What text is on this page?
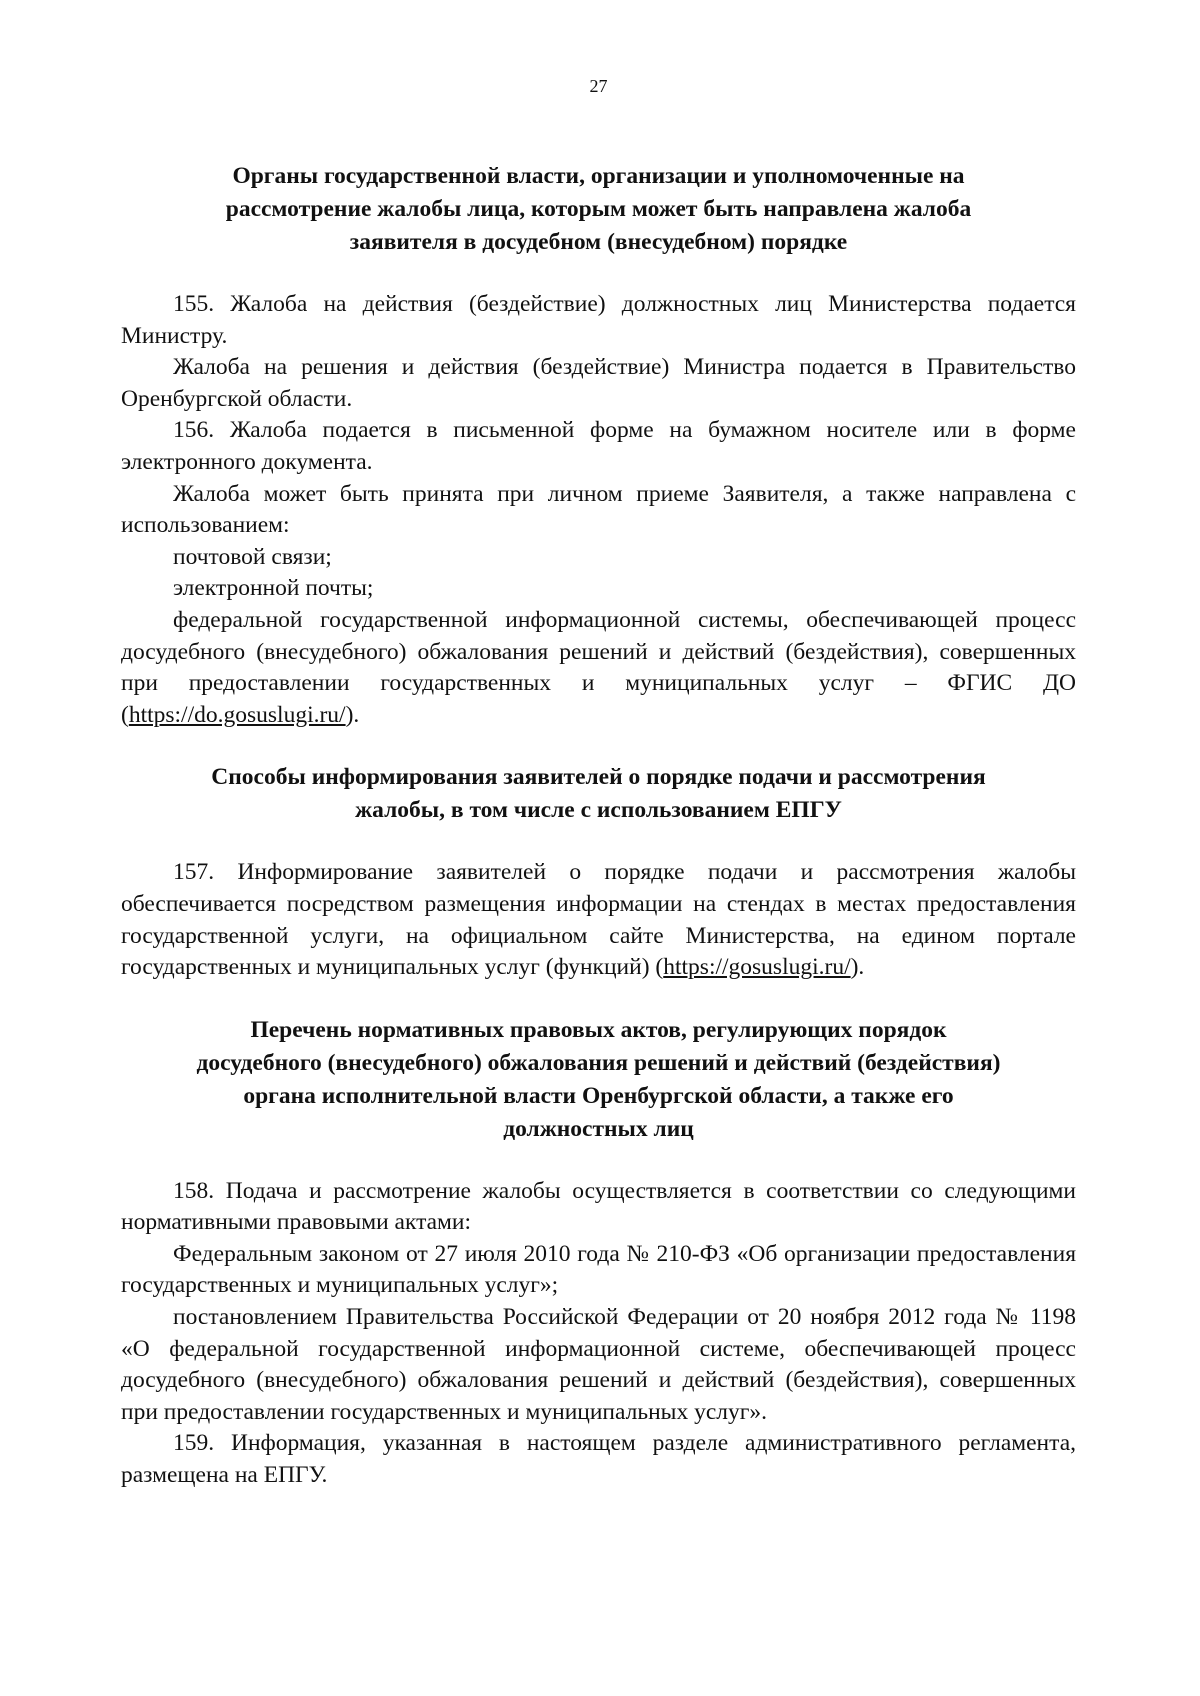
27
Органы государственной власти, организации и уполномоченные на
рассмотрение жалобы лица, которым может быть направлена жалоба
заявителя в досудебном (внесудебном) порядке

155. Жалоба на действия (бездействие) должностных лиц Министерства подается Министру.

Жалоба на решения и действия (бездействие) Министра подается в Правительство Оренбургской области.

156. Жалоба подается в письменной форме на бумажном носителе или в форме электронного документа.

Жалоба может быть принята при личном приеме Заявителя, а также направлена с использованием:

почтовой связи;

электронной почты;

федеральной государственной информационной системы, обеспечивающей процесс досудебного (внесудебного) обжалования решений и действий (бездействия), совершенных при предоставлении государственных и муниципальных услуг – ФГИС ДО (https://do.gosuslugi.ru/).

Способы информирования заявителей о порядке подачи и рассмотрения
жалобы, в том числе с использованием ЕПГУ

157. Информирование заявителей о порядке подачи и рассмотрения жалобы обеспечивается посредством размещения информации на стендах в местах предоставления государственной услуги, на официальном сайте Министерства, на едином портале государственных и муниципальных услуг (функций) (https://gosuslugi.ru/).

Перечень нормативных правовых актов, регулирующих порядок
досудебного (внесудебного) обжалования решений и действий (бездействия)
органа исполнительной власти Оренбургской области, а также его
должностных лиц

158. Подача и рассмотрение жалобы осуществляется в соответствии со следующими нормативными правовыми актами:

Федеральным законом от 27 июля 2010 года № 210-ФЗ «Об организации предоставления государственных и муниципальных услуг»;

постановлением Правительства Российской Федерации от 20 ноября 2012 года № 1198 «О федеральной государственной информационной системе, обеспечивающей процесс досудебного (внесудебного) обжалования решений и действий (бездействия), совершенных при предоставлении государственных и муниципальных услуг».

159. Информация, указанная в настоящем разделе административного регламента, размещена на ЕПГУ.
